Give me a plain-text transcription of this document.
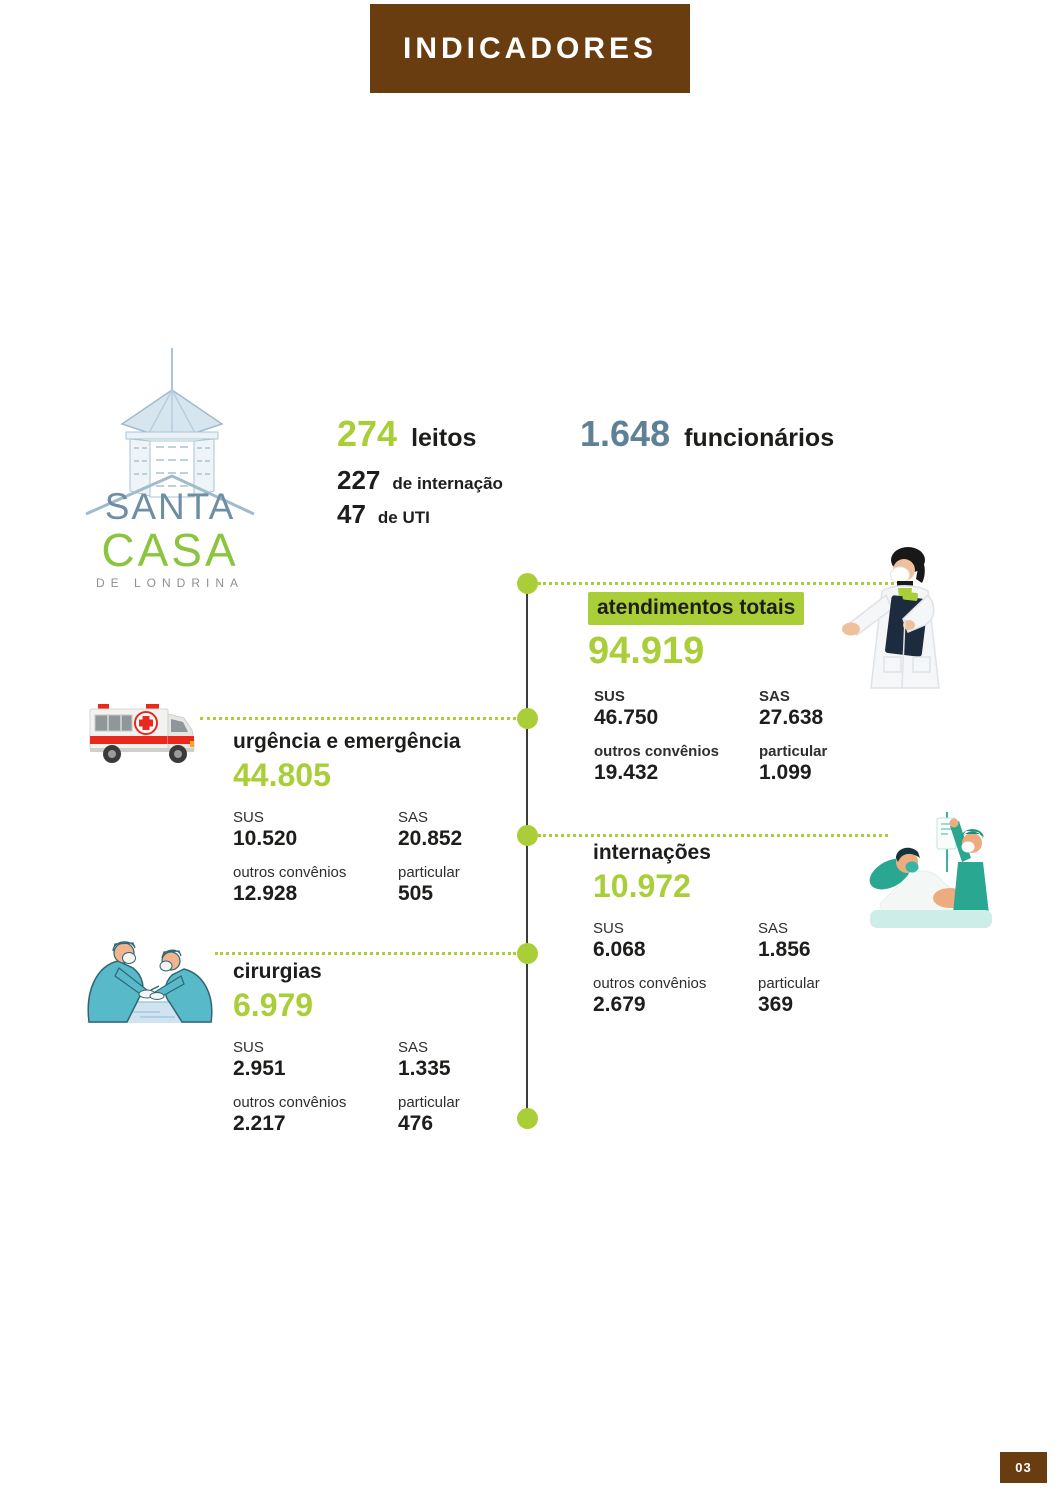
INDICADORES
SANTA
CASA
DE LONDRINA
274 leitos
227 de internação
47 de UTI
1.648 funcionários
atendimentos totais
94.919
SUS
46.750
SAS
27.638
outros convênios
19.432
particular
1.099
urgência e emergência
44.805
SUS
10.520
SAS
20.852
outros convênios
12.928
particular
505
internações
10.972
SUS
6.068
SAS
1.856
outros convênios
2.679
particular
369
cirurgias
6.979
SUS
2.951
SAS
1.335
outros convênios
2.217
particular
476
03
